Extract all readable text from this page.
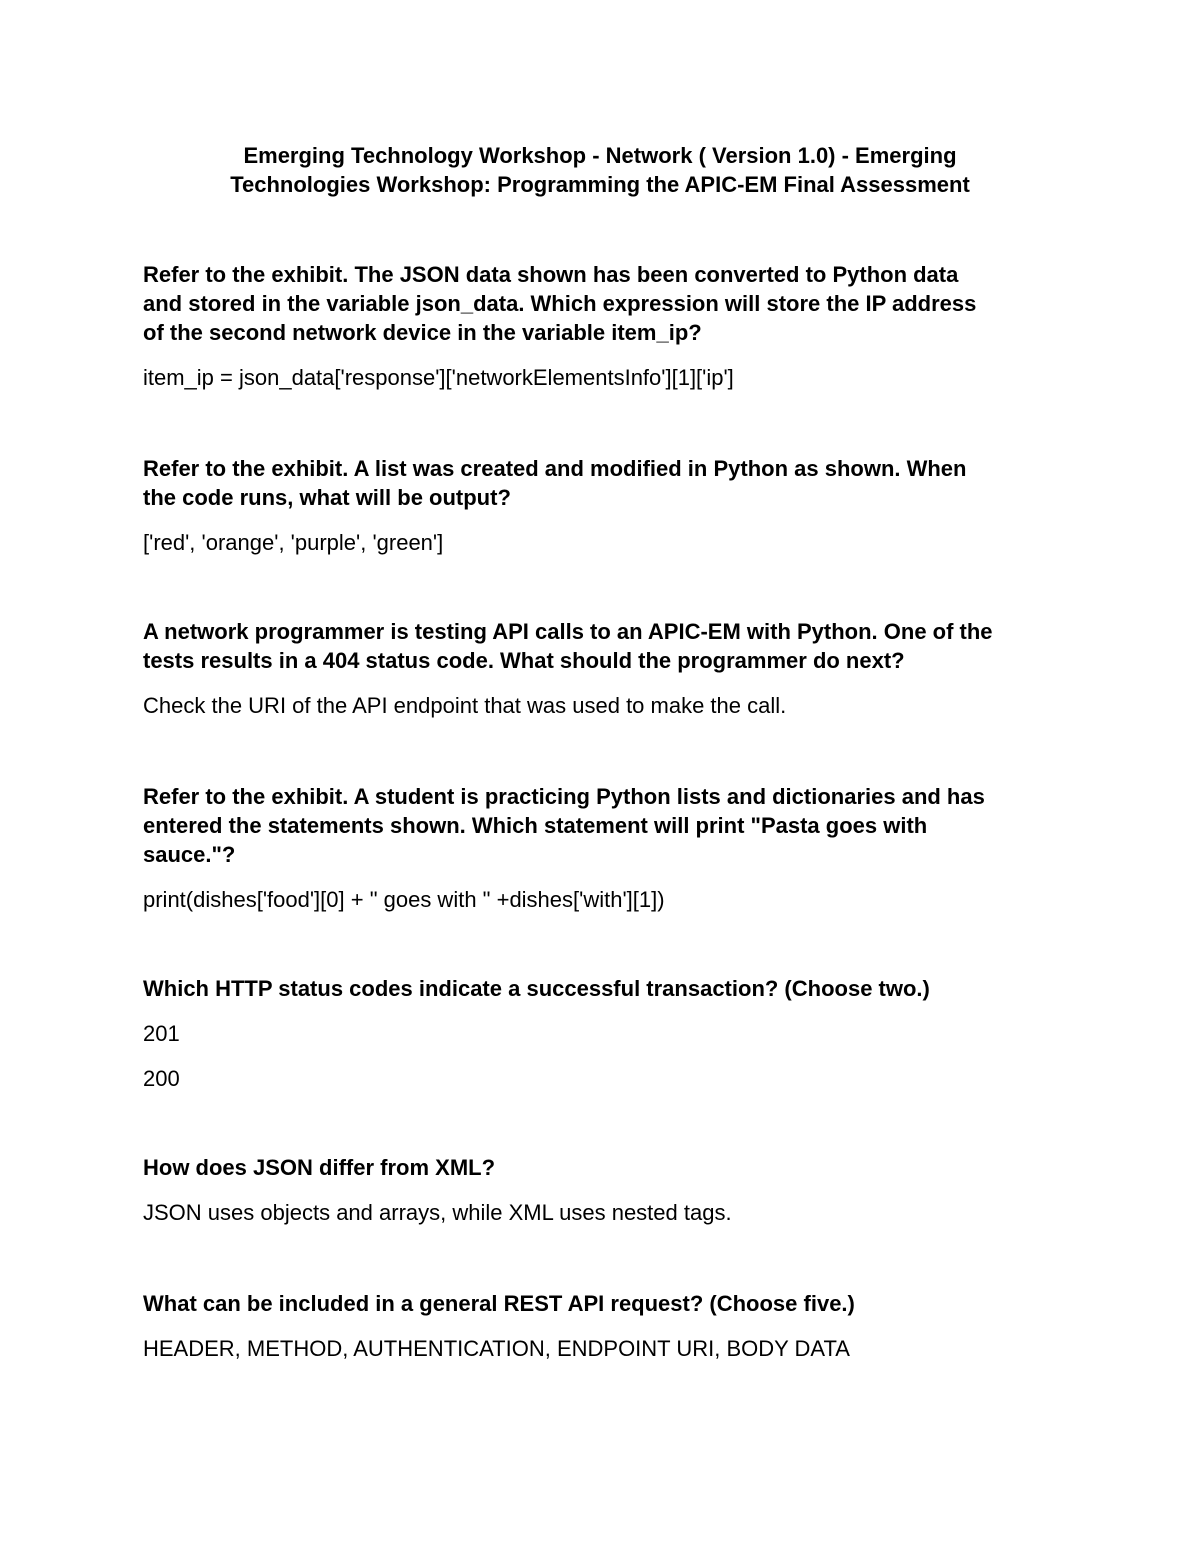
Emerging Technology Workshop - Network ( Version 1.0) - Emerging
Technologies Workshop: Programming the APIC-EM Final Assessment

Refer to the exhibit. The JSON data shown has been converted to Python data
and stored in the variable json_data. Which expression will store the IP address
of the second network device in the variable item_ip?

item_ip = json_data['response']['networkElementsInfo'][1]['ip']

Refer to the exhibit. A list was created and modified in Python as shown. When
the code runs, what will be output?

['red', 'orange', 'purple', 'green']

A network programmer is testing API calls to an APIC-EM with Python. One of the
tests results in a 404 status code. What should the programmer do next?

Check the URI of the API endpoint that was used to make the call.

Refer to the exhibit. A student is practicing Python lists and dictionaries and has
entered the statements shown. Which statement will print "Pasta goes with
sauce."?

print(dishes['food'][0] + " goes with " +dishes['with'][1])

Which HTTP status codes indicate a successful transaction? (Choose two.)

201

200

How does JSON differ from XML?

JSON uses objects and arrays, while XML uses nested tags.

What can be included in a general REST API request? (Choose five.)

HEADER, METHOD, AUTHENTICATION, ENDPOINT URI, BODY DATA
